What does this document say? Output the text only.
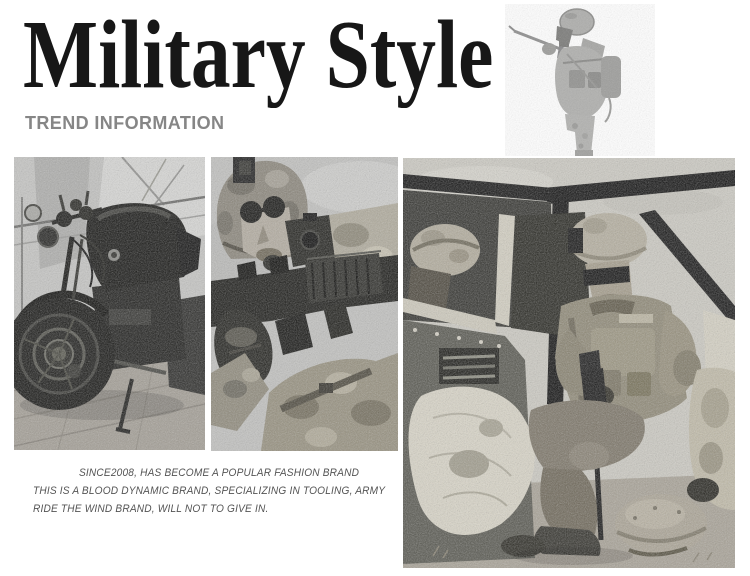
Military Style
TREND INFORMATION
SINCE2008, HAS BECOME A POPULAR FASHION BRAND
THIS IS A BLOOD DYNAMIC BRAND, SPECIALIZING IN TOOLING, ARMY
RIDE THE WIND BRAND, WILL NOT TO GIVE IN.
